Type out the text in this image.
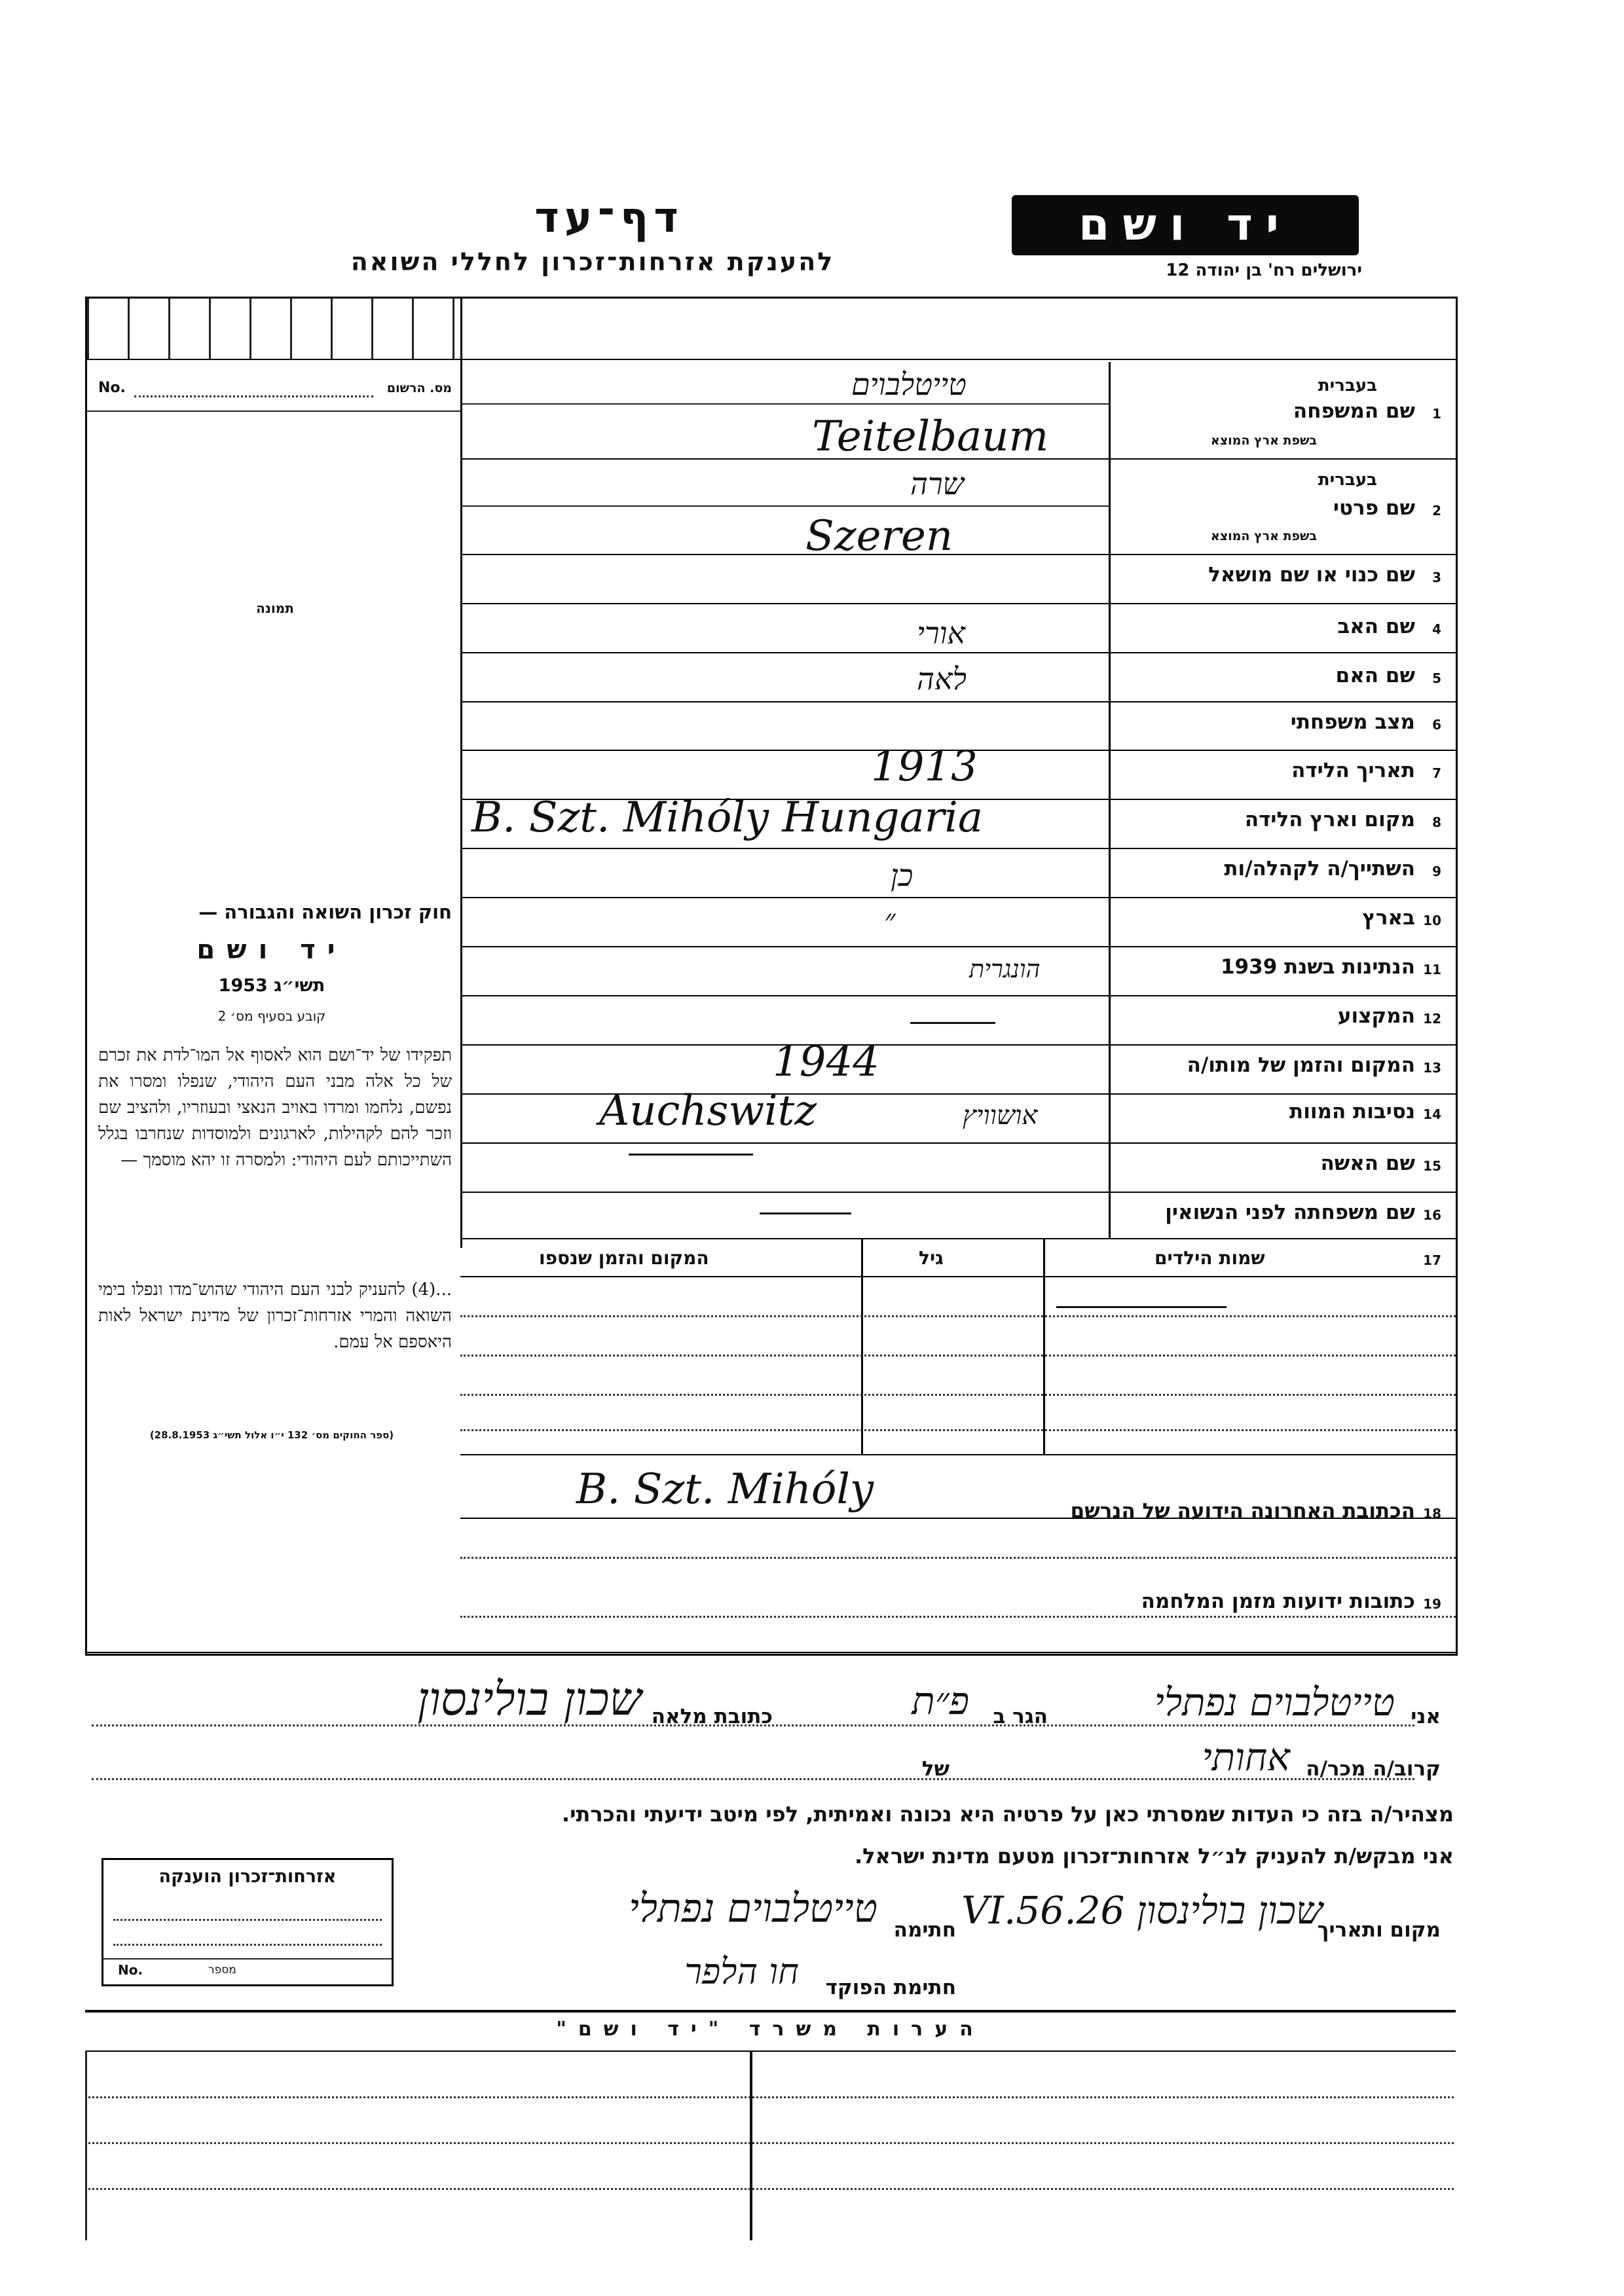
יד ושם
ירושלים רח' בן יהודה 12
דף־עד
להענקת אזרחות־זכרון לחללי השואה
No.	מס. הרשום
תמונה
חוק זכרון השואה והגבורה —
יד ושם
תשי״ג 1953
קובע בסעיף מס׳ 2
תפקידו של יד־ושם הוא לאסוף אל המו־לדת את זכרם של כל אלה מבני העם היהודי, שנפלו ומסרו את נפשם, נלחמו ומרדו באויב הנאצי ובעוזריו, ולהציב שם וזכר להם לקהילות, לארגונים ולמוסדות שנחרבו בגלל השתייכותם לעם היהודי: ולמסרה זו יהא מוסמך —
...(4) להעניק לבני העם היהודי שהוש־מדו ונפלו בימי השואה והמרי אזרחות־זכרון של מדינת ישראל לאות היאספם אל עמם.
(ספר החוקים מס׳ 132 י״ו אלול תשי״ג 28.8.1953)
שם המשפחה 1
בעברית
בשפת ארץ המוצא
טייטלבוים
Teitelbaum
שם פרטי 2
בעברית
בשפת ארץ המוצא
שרה
Szeren
שם כנוי או שם מושאל 3
שם האב 4
אורי
שם האם 5
לאה
מצב משפחתי 6
תאריך הלידה 7
1913
מקום וארץ הלידה 8
B. Szt. Mihóly Hungaria
השתייך/ה לקהלה/ות 9
כן
בארץ 10
״
הנתינות בשנת 1939 11
הונגרית
המקצוע 12
המקום והזמן של מותו/ה 13
1944
נסיבות המוות 14
Auchswitz	אושוויץ
שם האשה 15
שם משפחתה לפני הנשואין 16
שמות הילדים	17
גיל
המקום והזמן שנספו
הכתובת האחרונה הידועה של הנרשם 18
B. Szt. Mihóly
כתובות ידועות מזמן המלחמה 19
אני
טייטלבוים נפתלי
הגר ב
פ״ת
כתובת מלאה
שכון בולינסון
קרוב/ה מכר/ה
אחותי
של
מצהיר/ה בזה כי העדות שמסרתי כאן על פרטיה היא נכונה ואמיתית, לפי מיטב ידיעתי והכרתי.
אני מבקש/ת להעניק לנ״ל אזרחות־זכרון מטעם מדינת ישראל.
מקום ותאריך
שכון בולינסון 26.VI.56
חתימה
טייטלבוים נפתלי
חתימת הפוקד
חו הלפר
אזרחות־זכרון הוענקה
No.	מספר
הערות משרד "יד ושם"
